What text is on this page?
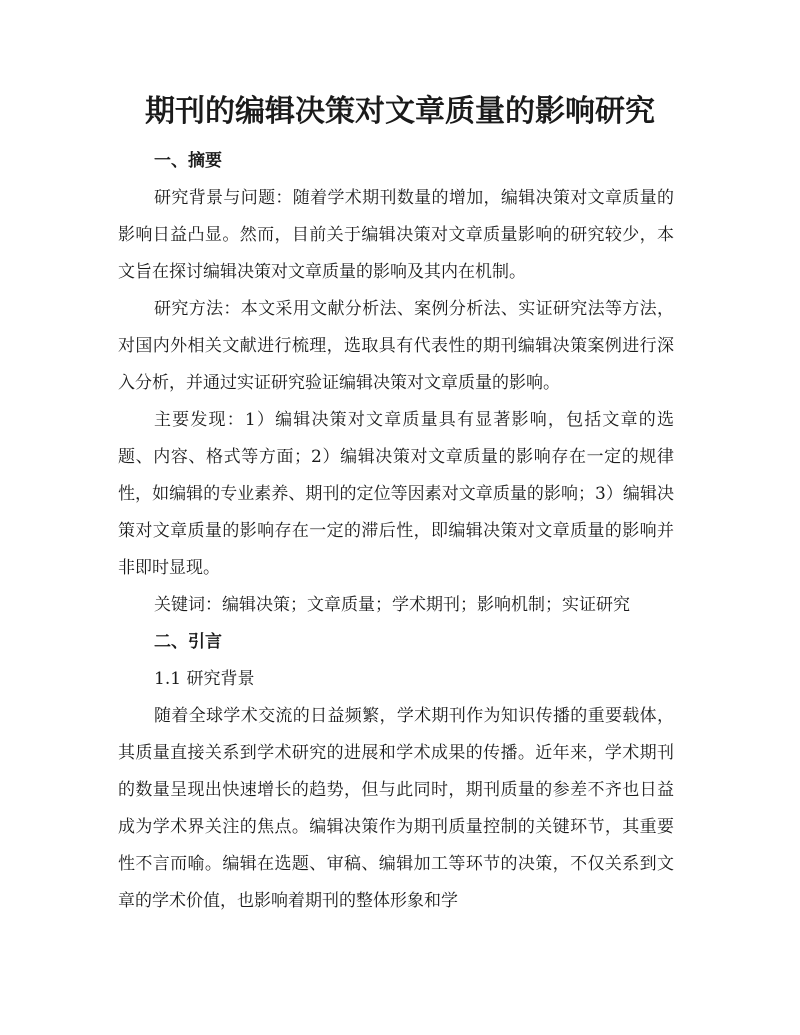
期刊的编辑决策对文章质量的影响研究

一、摘要

研究背景与问题：随着学术期刊数量的增加，编辑决策对文章质量的影响日益凸显。然而，目前关于编辑决策对文章质量影响的研究较少，本文旨在探讨编辑决策对文章质量的影响及其内在机制。

研究方法：本文采用文献分析法、案例分析法、实证研究法等方法，对国内外相关文献进行梳理，选取具有代表性的期刊编辑决策案例进行深入分析，并通过实证研究验证编辑决策对文章质量的影响。

主要发现：1）编辑决策对文章质量具有显著影响，包括文章的选题、内容、格式等方面；2）编辑决策对文章质量的影响存在一定的规律性，如编辑的专业素养、期刊的定位等因素对文章质量的影响；3）编辑决策对文章质量的影响存在一定的滞后性，即编辑决策对文章质量的影响并非即时显现。

关键词：编辑决策；文章质量；学术期刊；影响机制；实证研究

二、引言

1.1 研究背景

随着全球学术交流的日益频繁，学术期刊作为知识传播的重要载体，其质量直接关系到学术研究的进展和学术成果的传播。近年来，学术期刊的数量呈现出快速增长的趋势，但与此同时，期刊质量的参差不齐也日益成为学术界关注的焦点。编辑决策作为期刊质量控制的关键环节，其重要性不言而喻。编辑在选题、审稿、编辑加工等环节的决策，不仅关系到文章的学术价值，也影响着期刊的整体形象和学
